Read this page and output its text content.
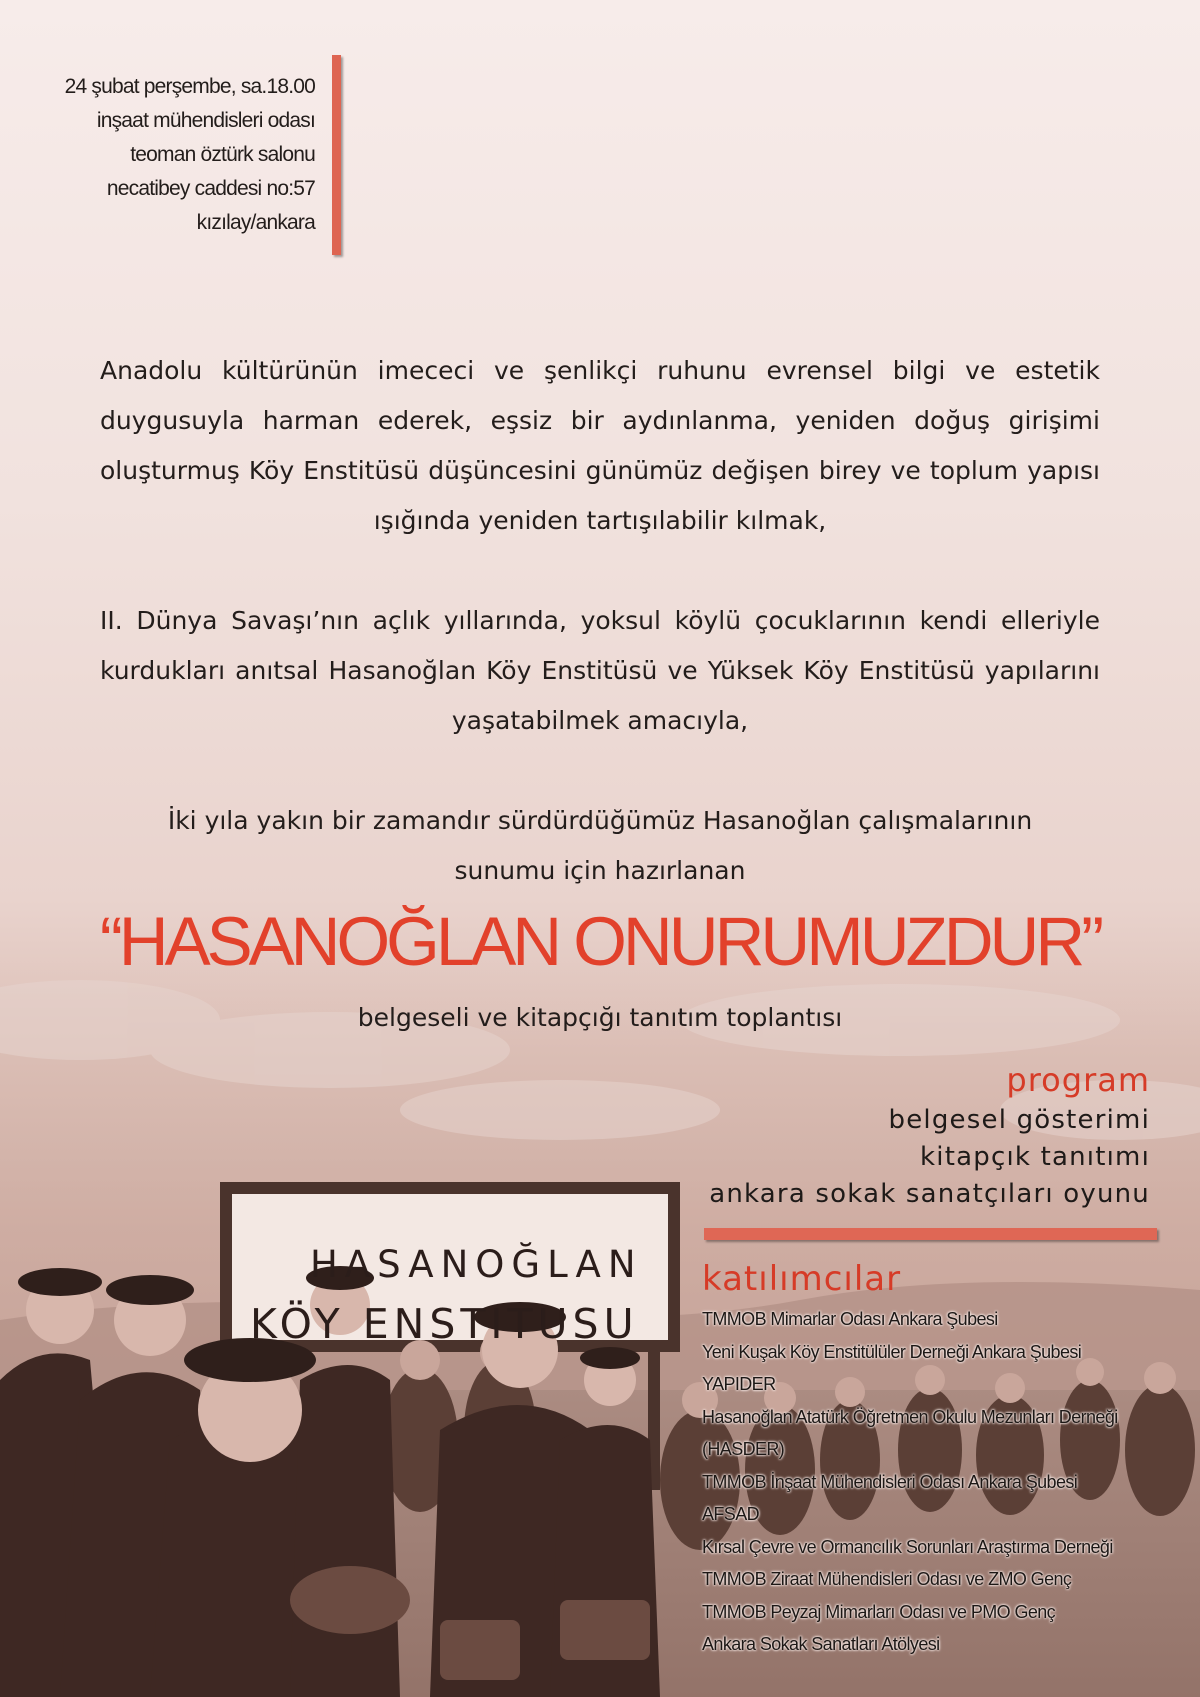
HASANOĞLAN
KÖY ENSTITUSU
24 şubat perşembe, sa.18.00
inşaat mühendisleri odası
teoman öztürk salonu
necatibey caddesi no:57
kızılay/ankara
Anadolu kültürünün imececi ve şenlikçi ruhunu evrensel bilgi ve estetik duygusuyla harman ederek, eşsiz bir aydınlanma, yeniden doğuş girişimi oluşturmuş Köy Enstitüsü düşüncesini günümüz değişen birey ve toplum yapısı ışığında yeniden tartışılabilir kılmak,
II. Dünya Savaşı’nın açlık yıllarında, yoksul köylü çocuklarının kendi elleriyle kurdukları anıtsal Hasanoğlan Köy Enstitüsü ve Yüksek Köy Enstitüsü yapılarını yaşatabilmek amacıyla,
İki yıla yakın bir zamandır sürdürdüğümüz Hasanoğlan çalışmalarının
sunumu için hazırlanan
“HASANOĞLAN ONURUMUZDUR”
belgeseli ve kitapçığı tanıtım toplantısı
program
belgesel gösterimi
kitapçık tanıtımı
ankara sokak sanatçıları oyunu
katılımcılar
TMMOB Mimarlar Odası Ankara Şubesi
Yeni Kuşak Köy Enstitülüler Derneği Ankara Şubesi
YAPIDER
Hasanoğlan Atatürk Öğretmen Okulu Mezunları Derneği
(HASDER)
TMMOB İnşaat Mühendisleri Odası Ankara Şubesi
AFSAD
Kırsal Çevre ve Ormancılık Sorunları Araştırma Derneği
TMMOB Ziraat Mühendisleri Odası ve ZMO Genç
TMMOB Peyzaj Mimarları Odası ve PMO Genç
Ankara Sokak Sanatları Atölyesi
